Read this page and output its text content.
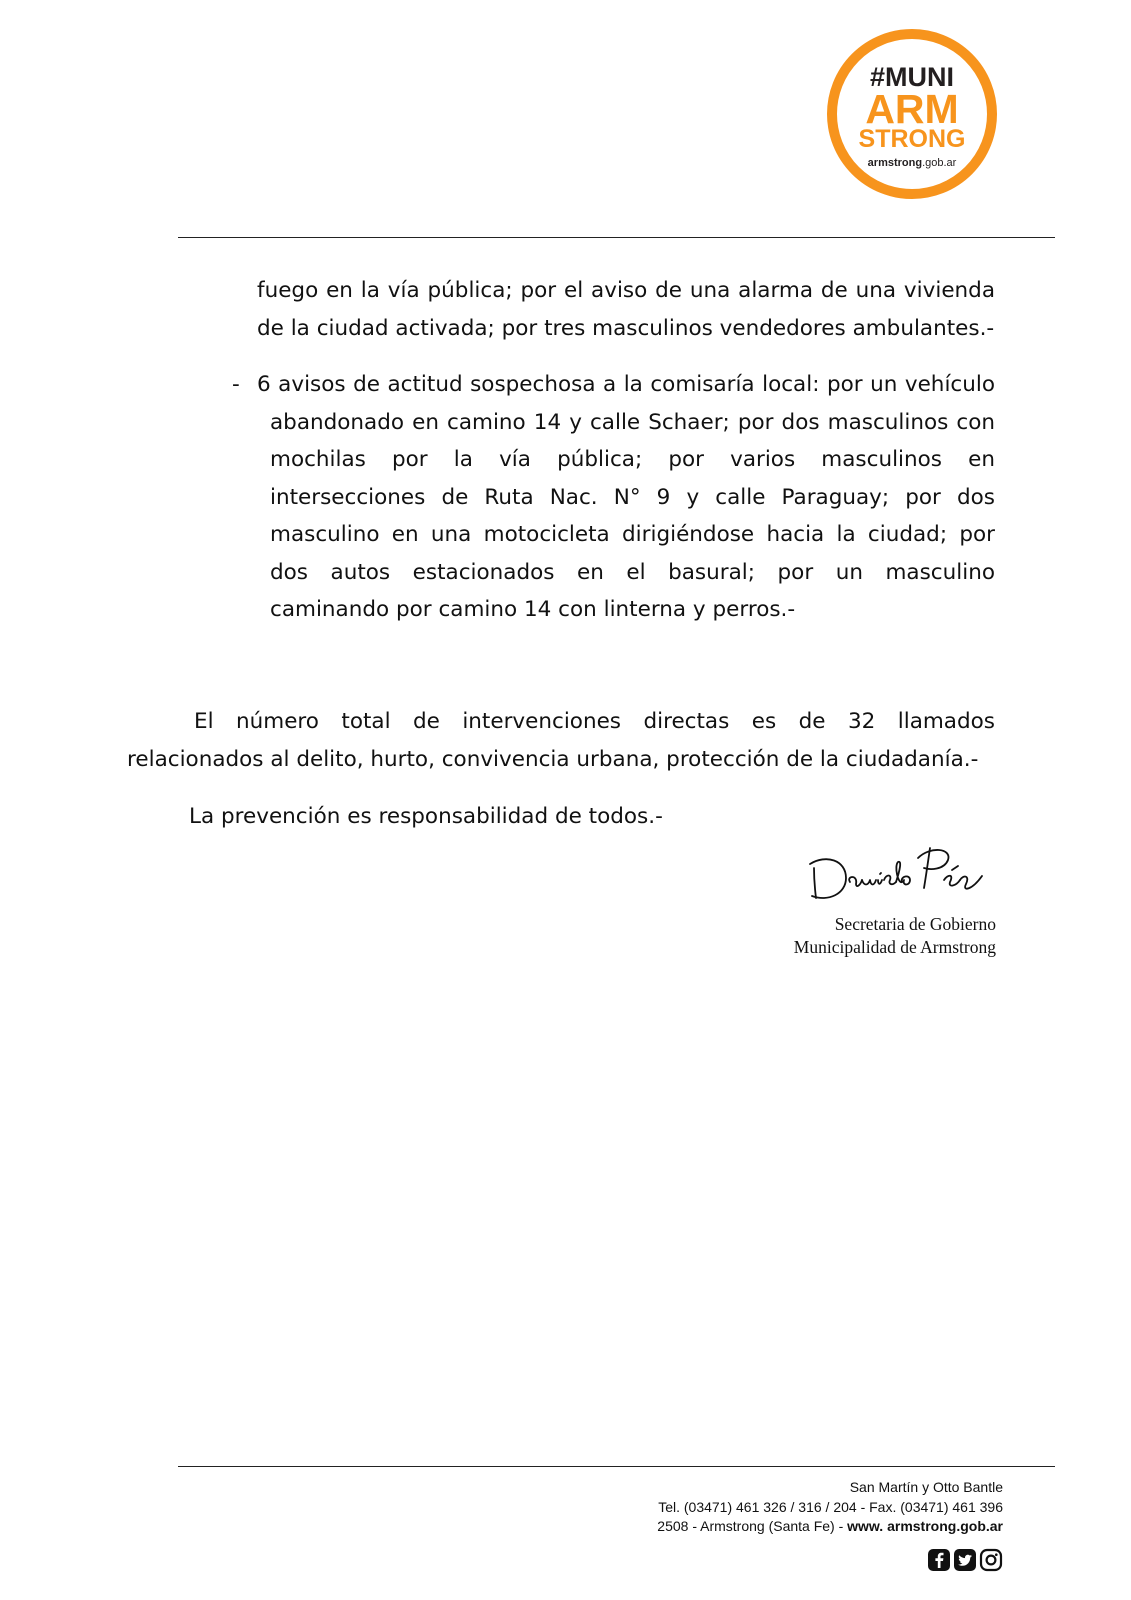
#MUNI
ARM
STRONG
armstrong.gob.ar
fuego en la vía pública; por el aviso de una alarma de una vivienda de la ciudad activada; por tres masculinos vendedores ambulantes.-
- 6 avisos de actitud sospechosa a la comisaría local: por un vehículo abandonado en camino 14 y calle Schaer; por dos masculinos con mochilas por la vía pública; por varios masculinos en intersecciones de Ruta Nac. N° 9 y calle Paraguay; por dos masculino en una motocicleta dirigiéndose hacia la ciudad; por dos autos estacionados en el basural; por un masculino caminando por camino 14 con linterna y perros.-
El número total de intervenciones directas es de 32 llamados relacionados al delito, hurto, convivencia urbana, protección de la ciudadanía.-
La prevención es responsabilidad de todos.-
Secretaria de Gobierno
Municipalidad de Armstrong
San Martín y Otto Bantle
Tel. (03471) 461 326 / 316 / 204 - Fax. (03471) 461 396
2508 - Armstrong (Santa Fe) - www. armstrong.gob.ar
